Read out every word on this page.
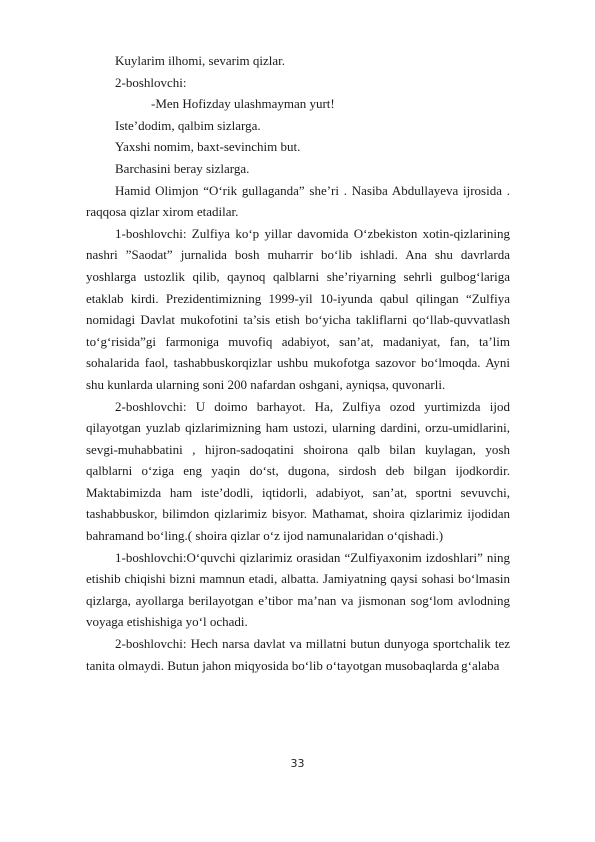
Kuylarim ilhomi, sevarim qizlar.

2-boshlovchi:

-Men Hofizday ulashmayman yurt!

Iste’dodim, qalbim sizlarga.

Yaxshi nomim, baxt-sevinchim but.

Barchasini beray sizlarga.

Hamid Olimjon “O‘rik gullaganda” she’ri . Nasiba Abdullayeva ijrosida . raqqosa qizlar xirom etadilar.

1-boshlovchi: Zulfiya ko‘p yillar davomida O‘zbekiston xotin-qizlarining nashri ”Saodat” jurnalida bosh muharrir bo‘lib ishladi. Ana shu davrlarda yoshlarga ustozlik qilib, qaynoq qalblarni she’riyarning sehrli gulbog‘lariga etaklab kirdi. Prezidentimizning 1999-yil 10-iyunda qabul qilingan “Zulfiya nomidagi Davlat mukofotini ta’sis etish bo‘yicha takliflarni qo‘llab-quvvatlash to‘g‘risida”gi farmoniga muvofiq adabiyot, san’at, madaniyat, fan, ta’lim sohalarida faol, tashabbuskorqizlar ushbu mukofotga sazovor bo‘lmoqda. Ayni shu kunlarda ularning soni 200 nafardan oshgani, ayniqsa, quvonarli.

2-boshlovchi: U doimo barhayot. Ha, Zulfiya ozod yurtimizda ijod qilayotgan yuzlab qizlarimizning ham ustozi, ularning dardini, orzu-umidlarini, sevgi-muhabbatini , hijron-sadoqatini shoirona qalb bilan kuylagan, yosh qalblarni o‘ziga eng yaqin do‘st, dugona, sirdosh deb bilgan ijodkordir. Maktabimizda ham iste’dodli, iqtidorli, adabiyot, san’at, sportni sevuvchi, tashabbuskor, bilimdon qizlarimiz bisyor. Mathamat, shoira qizlarimiz ijodidan bahramand bo‘ling.( shoira qizlar o‘z ijod namunalaridan o‘qishadi.)

1-boshlovchi:O‘quvchi qizlarimiz orasidan “Zulfiyaxonim izdoshlari” ning etishib chiqishi bizni mamnun etadi, albatta. Jamiyatning qaysi sohasi bo‘lmasin qizlarga, ayollarga berilayotgan e’tibor ma’nan va jismonan sog‘lom avlodning voyaga etishishiga yo‘l ochadi.

2-boshlovchi: Hech narsa davlat va millatni butun dunyoga sportchalik tez tanita olmaydi. Butun jahon miqyosida bo‘lib o‘tayotgan musobaqlarda g‘alaba

33
